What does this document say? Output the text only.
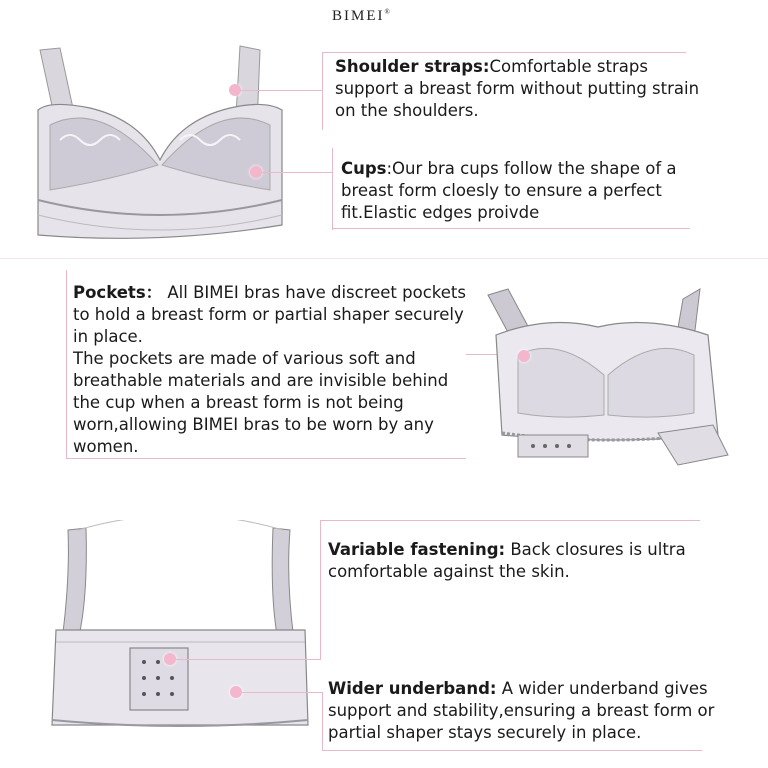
BIMEI®
Shoulder straps:Comfortable straps support a breast form without putting strain on the shoulders.
Cups:Our bra cups follow the shape of a breast form cloesly to ensure a perfect fit.Elastic edges proivde
Pockets： All BIMEI bras have discreet pockets to hold a breast form or partial shaper securely in place.
The pockets are made of various soft and breathable materials and are invisible behind the cup when a breast form is not being worn,allowing BIMEI bras to be worn by any women.
Variable fastening: Back closures is ultra comfortable against the skin.
Wider underband: A wider underband gives support and stability,ensuring a breast form or partial shaper stays securely in place.
